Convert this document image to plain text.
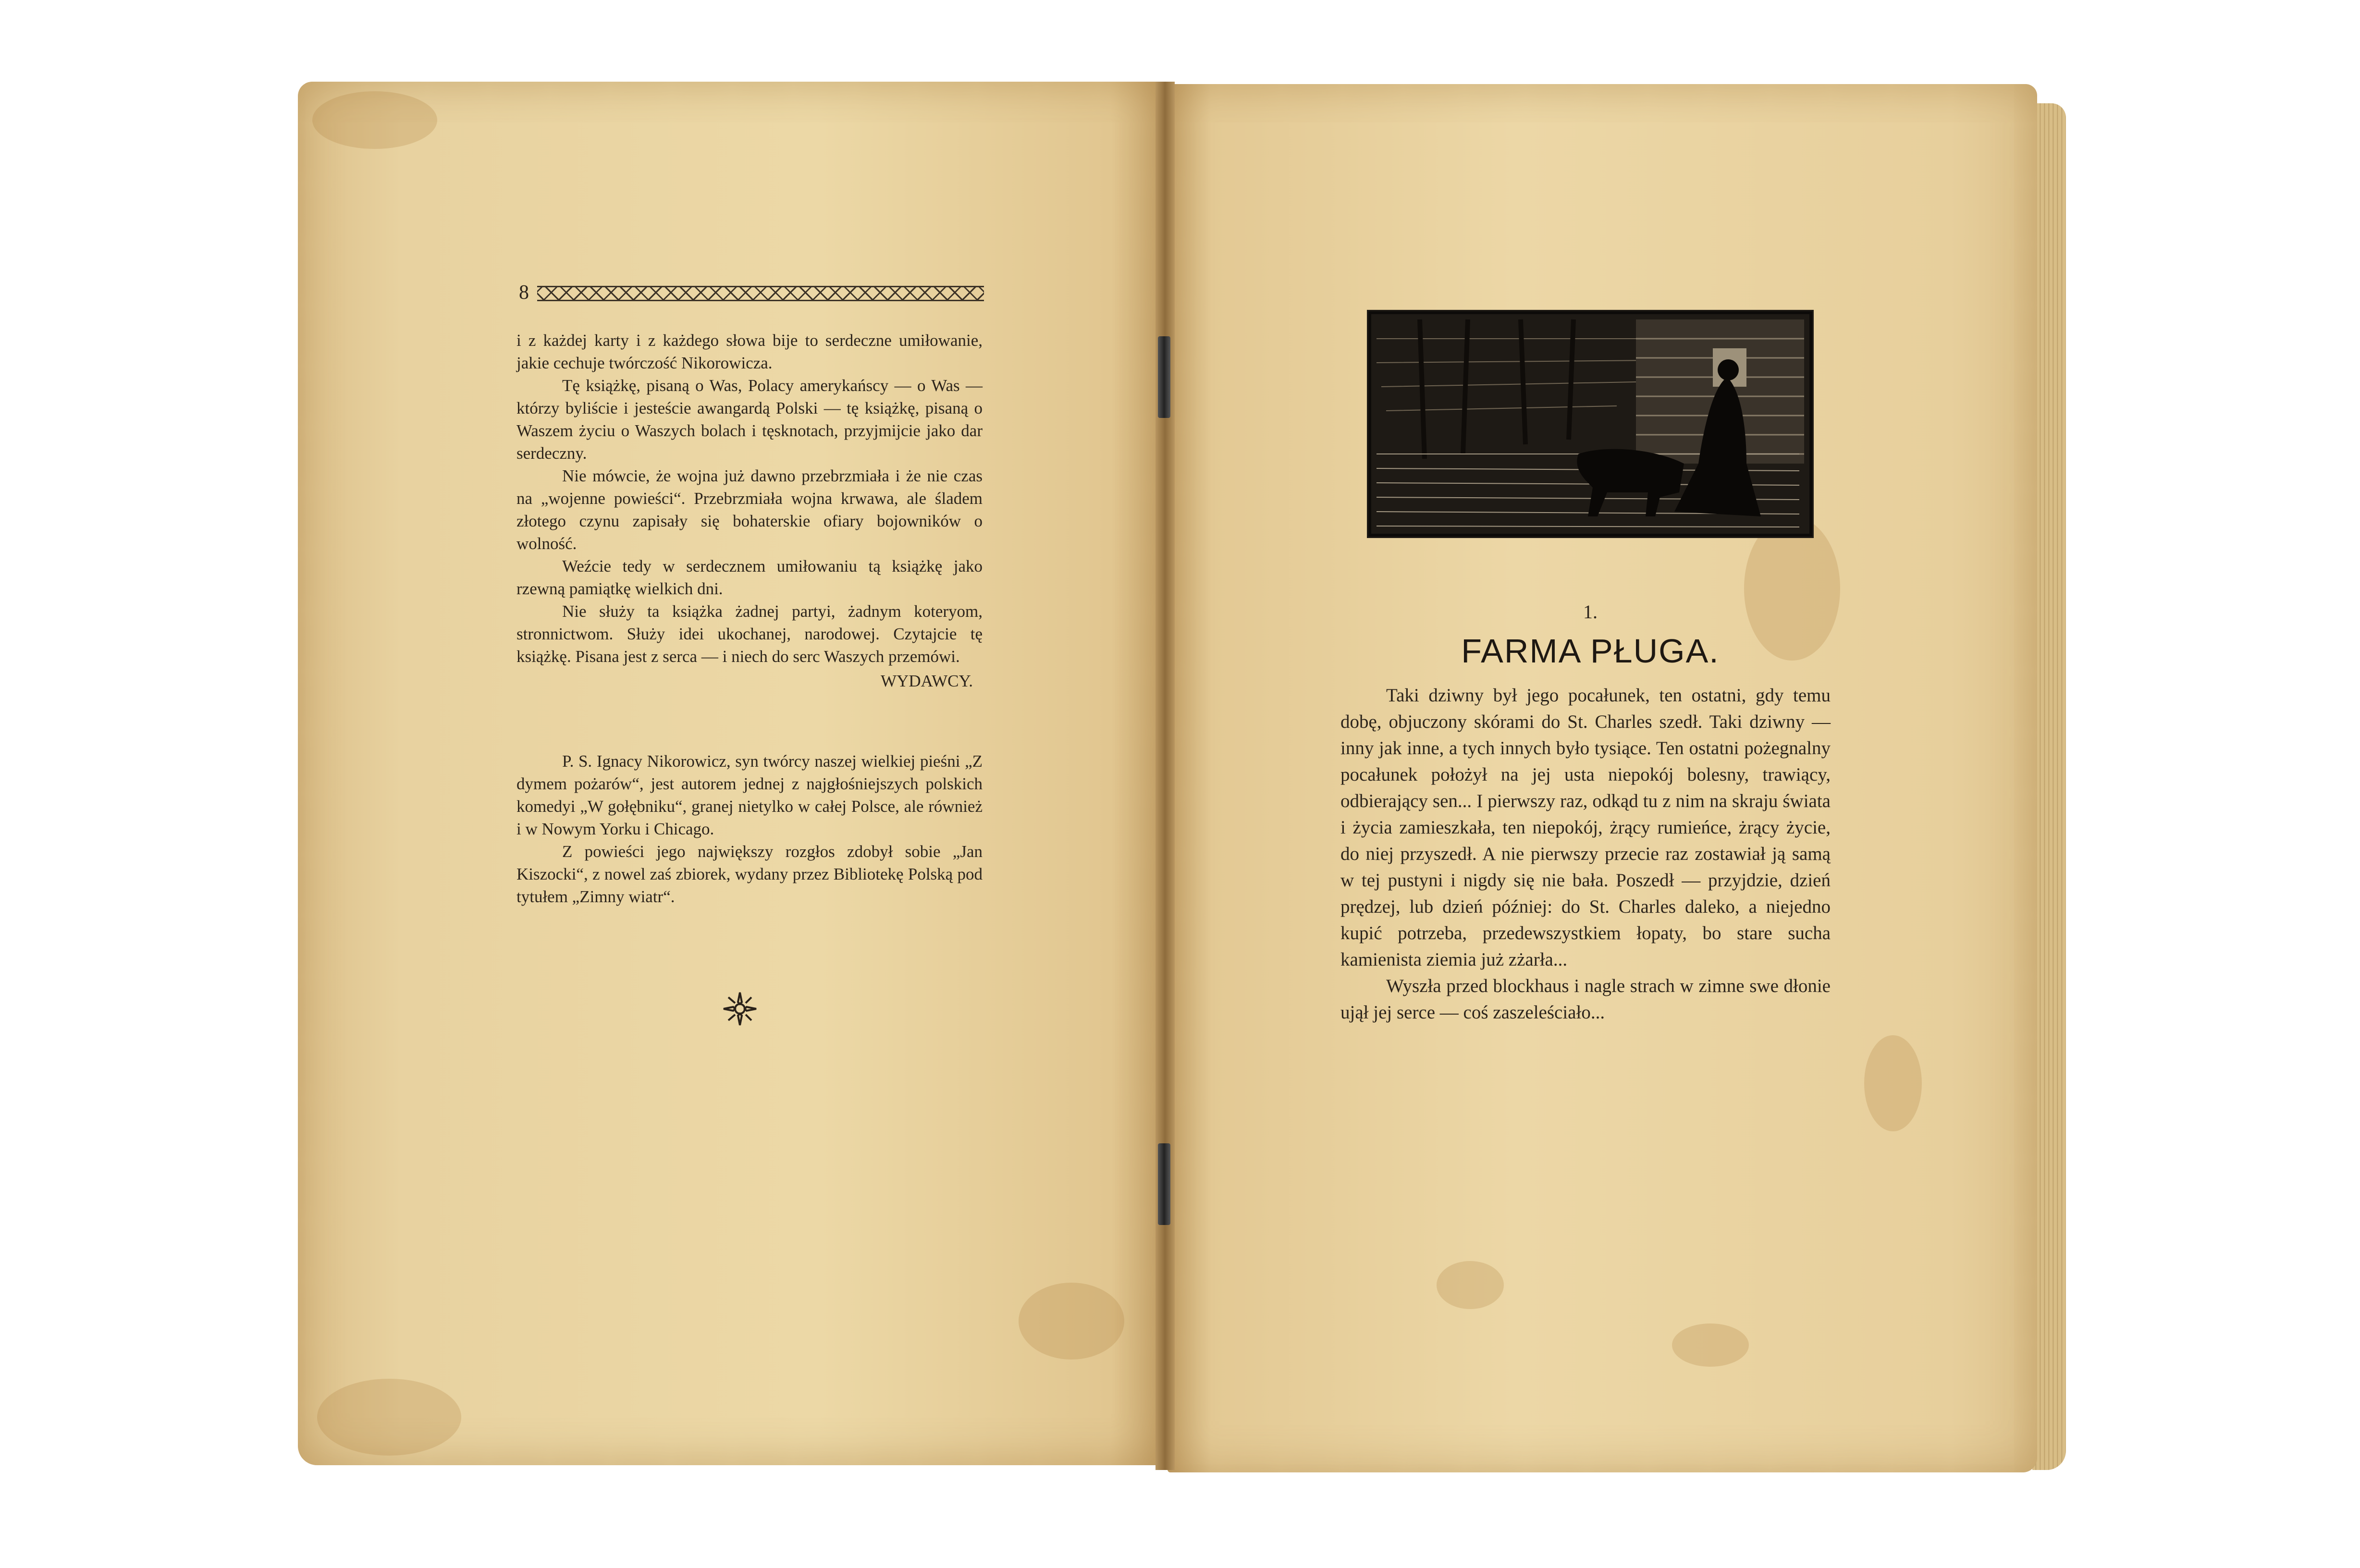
8

i z każdej karty i z każdego słowa bije to serdeczne umiłowanie, jakie cechuje twórczość Nikorowicza.

Tę książkę, pisaną o Was, Polacy amerykańscy — o Was — którzy byliście i jesteście awangardą Polski — tę książkę, pisaną o Waszem życiu o Waszych bolach i tęsknotach, przyjmijcie jako dar serdeczny.

Nie mówcie, że wojna już dawno przebrzmiała i że nie czas na „wojenne powieści“. Przebrzmiała wojna krwawa, ale śladem złotego czynu zapisały się bohaterskie ofiary bojowników o wolność.

Weźcie tedy w serdecznem umiłowaniu tą książkę jako rzewną pamiątkę wielkich dni.

Nie służy ta książka żadnej partyi, żadnym koteryom, stronnictwom. Służy idei ukochanej, narodowej. Czytajcie tę książkę. Pisana jest z serca — i niech do serc Waszych przemówi.

WYDAWCY.

P. S. Ignacy Nikorowicz, syn twórcy naszej wielkiej pieśni „Z dymem pożarów“, jest autorem jednej z najgłośniejszych polskich komedyi „W gołębniku“, granej nietylko w całej Polsce, ale również i w Nowym Yorku i Chicago.

Z powieści jego największy rozgłos zdobył sobie „Jan Kiszocki“, z nowel zaś zbiorek, wydany przez Bibliotekę Polską pod tytułem „Zimny wiatr“.

1.
FARMA PŁUGA.

Taki dziwny był jego pocałunek, ten ostatni, gdy temu dobę, objuczony skórami do St. Charles szedł. Taki dziwny — inny jak inne, a tych innych było tysiące. Ten ostatni pożegnalny pocałunek położył na jej usta niepokój bolesny, trawiący, odbierający sen... I pierwszy raz, odkąd tu z nim na skraju świata i życia zamieszkała, ten niepokój, żrący rumieńce, żrący życie, do niej przyszedł. A nie pierwszy przecie raz zostawiał ją samą w tej pustyni i nigdy się nie bała. Poszedł — przyjdzie, dzień prędzej, lub dzień później: do St. Charles daleko, a niejedno kupić potrzeba, przedewszystkiem łopaty, bo stare sucha kamienista ziemia już zżarła...

Wyszła przed blockhaus i nagle strach w zimne swe dłonie ujął jej serce — coś zaszeleściało...
